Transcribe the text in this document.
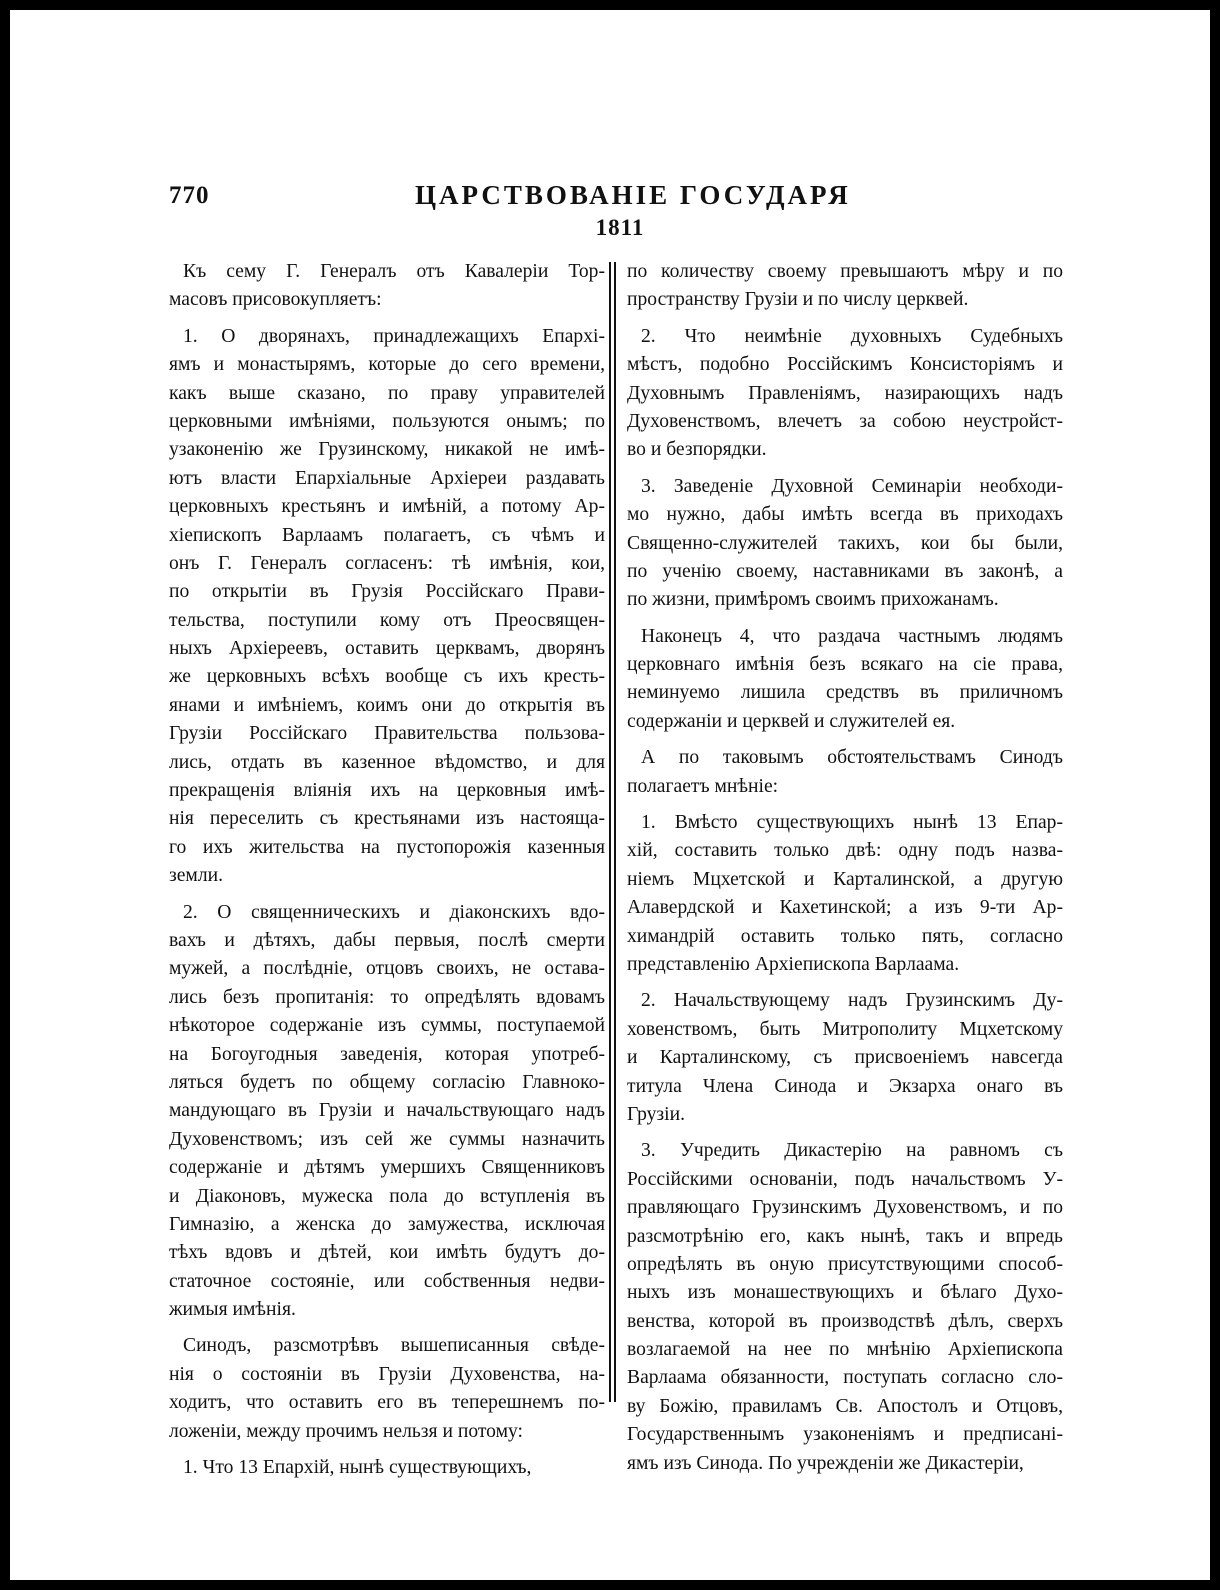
770	ЦАРСТВОВАНІЕ ГОСУДАРЯ
1811
Къ сему Г. Генералъ отъ Кавалеріи Тор-
масовъ присовокупляетъ:
1. О дворянахъ, принадлежащихъ Епархі-
ямъ и монастырямъ, которые до сего времени,
какъ выше сказано, по праву управителей
церковными имѣніями, пользуются онымъ; по
узаконенію же Грузинскому, никакой не имѣ-
ютъ власти Епархіальные Архіереи раздавать
церковныхъ крестьянъ и имѣній, а потому Ар-
хіепископъ Варлаамъ полагаетъ, съ чѣмъ и
онъ Г. Генералъ согласенъ: тѣ имѣнія, кои,
по открытіи въ Грузія Россійскаго Прави-
тельства, поступили кому отъ Преосвящен-
ныхъ Архіереевъ, оставить церквамъ, дворянъ
же церковныхъ всѣхъ вообще съ ихъ кресть-
янами и имѣніемъ, коимъ они до открытія въ
Грузіи Россійскаго Правительства пользова-
лись, отдать въ казенное вѣдомство, и для
прекращенія вліянія ихъ на церковныя имѣ-
нія переселить съ крестьянами изъ настояща-
го ихъ жительства на пустопорожія казенныя
земли.
2. О священническихъ и діаконскихъ вдо-
вахъ и дѣтяхъ, дабы первыя, послѣ смерти
мужей, а послѣдніе, отцовъ своихъ, не остава-
лись безъ пропитанія: то опредѣлять вдовамъ
нѣкоторое содержаніе изъ суммы, поступаемой
на Богоугодныя заведенія, которая употреб-
ляться будетъ по общему согласію Главноко-
мандующаго въ Грузіи и начальствующаго надъ
Духовенствомъ; изъ сей же суммы назначить
содержаніе и дѣтямъ умершихъ Священниковъ
и Діаконовъ, мужеска пола до вступленія въ
Гимназію, а женска до замужества, исключая
тѣхъ вдовъ и дѣтей, кои имѣть будутъ до-
статочное состояніе, или собственныя недви-
жимыя имѣнія.
Синодъ, разсмотрѣвъ вышеписанныя свѣде-
нія о состояніи въ Грузіи Духовенства, на-
ходитъ, что оставить его въ теперешнемъ по-
ложеніи, между прочимъ нельзя и потому:
1. Что 13 Епархій, нынѣ существующихъ,
по количеству своему превышаютъ мѣру и по
пространству Грузіи и по числу церквей.
2. Что неимѣніе духовныхъ Судебныхъ
мѣстъ, подобно Россійскимъ Консисторіямъ и
Духовнымъ Правленіямъ, назирающихъ надъ
Духовенствомъ, влечетъ за собою неустройст-
во и безпорядки.
3. Заведеніе Духовной Семинаріи необходи-
мо нужно, дабы имѣть всегда въ приходахъ
Священно-служителей такихъ, кои бы были,
по ученію своему, наставниками въ законѣ, а
по жизни, примѣромъ своимъ прихожанамъ.
Наконецъ 4, что раздача частнымъ людямъ
церковнаго имѣнія безъ всякаго на сіе права,
неминуемо лишила средствъ въ приличномъ
содержаніи и церквей и служителей ея.
А по таковымъ обстоятельствамъ Синодъ
полагаетъ мнѣніе:
1. Вмѣсто существующихъ нынѣ 13 Епар-
хій, составить только двѣ: одну подъ назва-
ніемъ Мцхетской и Карталинской, а другую
Алавердской и Кахетинской; а изъ 9-ти Ар-
химандрій оставить только пять, согласно
представленію Архіепископа Варлаама.
2. Начальствующему надъ Грузинскимъ Ду-
ховенствомъ, быть Митрополиту Мцхетскому
и Карталинскому, съ присвоеніемъ навсегда
титула Члена Синода и Экзарха онаго въ
Грузіи.
3. Учредить Дикастерію на равномъ съ
Россійскими основаніи, подъ начальствомъ У-
правляющаго Грузинскимъ Духовенствомъ, и по
разсмотрѣнію его, какъ нынѣ, такъ и впредь
опредѣлять въ оную присутствующими способ-
ныхъ изъ монашествующихъ и бѣлаго Духо-
венства, которой въ производствѣ дѣлъ, сверхъ
возлагаемой на нее по мнѣнію Архіепископа
Варлаама обязанности, поступать согласно сло-
ву Божію, правиламъ Св. Апостолъ и Отцовъ,
Государственнымъ узаконеніямъ и предписані-
ямъ изъ Синода. По учрежденіи же Дикастеріи,
